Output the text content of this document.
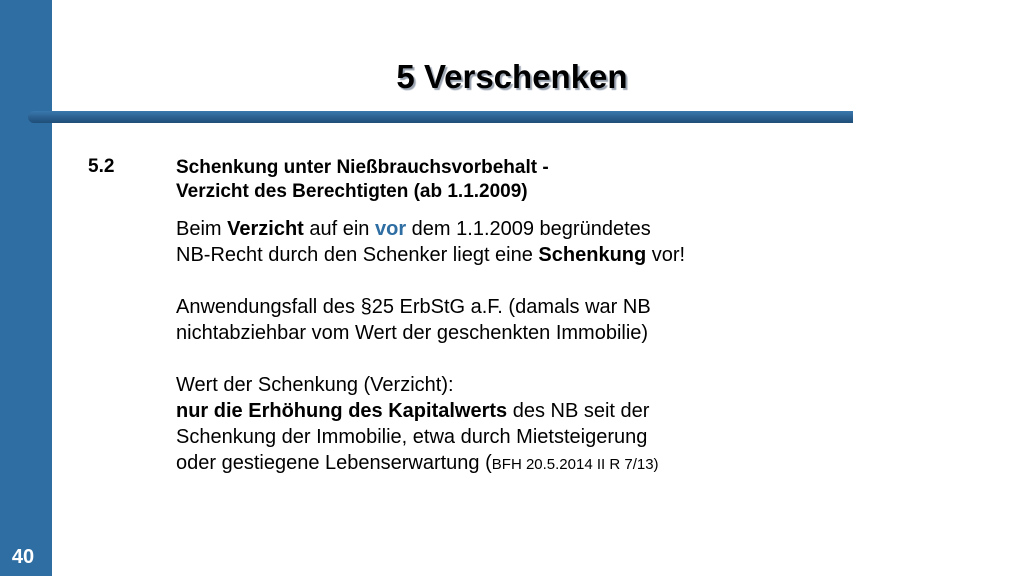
40
5 Verschenken
5.2	Schenkung unter Nießbrauchsvorbehalt -
Verzicht des Berechtigten (ab 1.1.2009)
Beim Verzicht auf ein vor dem 1.1.2009 begründetes
NB-Recht durch den Schenker liegt eine Schenkung vor!
Anwendungsfall des §25 ErbStG a.F. (damals war NB
nichtabziehbar vom Wert der geschenkten Immobilie)
Wert der Schenkung (Verzicht):
nur die Erhöhung des Kapitalwerts des NB seit der
Schenkung der Immobilie, etwa durch Mietsteigerung
oder gestiegene Lebenserwartung (BFH 20.5.2014 II R 7/13)
